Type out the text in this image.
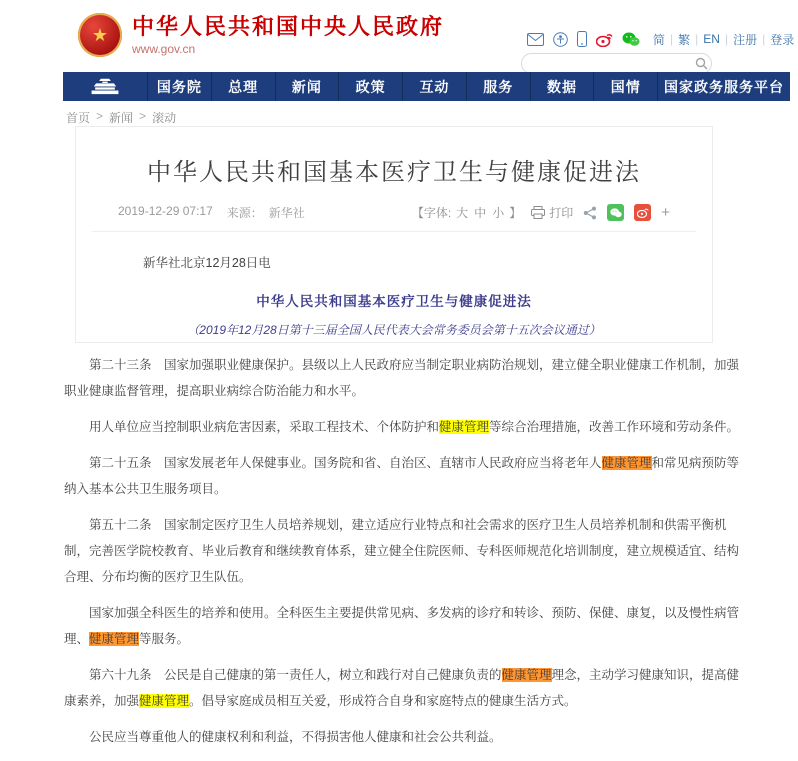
★	中华人民共和国中央人民政府
www.gov.cn
简 | 繁 | EN | 注册 | 登录
国务院	总理	新闻	政策	互动	服务	数据	国情	国家政务服务平台
首页 > 新闻 > 滚动
中华人民共和国基本医疗卫生与健康促进法
2019-12-29 07:17 来源： 新华社	【字体: 大 中 小 】 打印	+

新华社北京12月28日电

中华人民共和国基本医疗卫生与健康促进法

（2019年12月28日第十三届全国人民代表大会常务委员会第十五次会议通过）

第二十三条　国家加强职业健康保护。县级以上人民政府应当制定职业病防治规划，建立健全职业健康工作机制，加强职业健康监督管理，提高职业病综合防治能力和水平。

用人单位应当控制职业病危害因素，采取工程技术、个体防护和健康管理等综合治理措施，改善工作环境和劳动条件。

第二十五条　国家发展老年人保健事业。国务院和省、自治区、直辖市人民政府应当将老年人健康管理和常见病预防等纳入基本公共卫生服务项目。

第五十二条　国家制定医疗卫生人员培养规划，建立适应行业特点和社会需求的医疗卫生人员培养机制和供需平衡机制，完善医学院校教育、毕业后教育和继续教育体系，建立健全住院医师、专科医师规范化培训制度，建立规模适宜、结构合理、分布均衡的医疗卫生队伍。

国家加强全科医生的培养和使用。全科医生主要提供常见病、多发病的诊疗和转诊、预防、保健、康复，以及慢性病管理、健康管理等服务。

第六十九条　公民是自己健康的第一责任人，树立和践行对自己健康负责的健康管理理念，主动学习健康知识，提高健康素养，加强健康管理。倡导家庭成员相互关爱，形成符合自身和家庭特点的健康生活方式。

公民应当尊重他人的健康权利和利益，不得损害他人健康和社会公共利益。
